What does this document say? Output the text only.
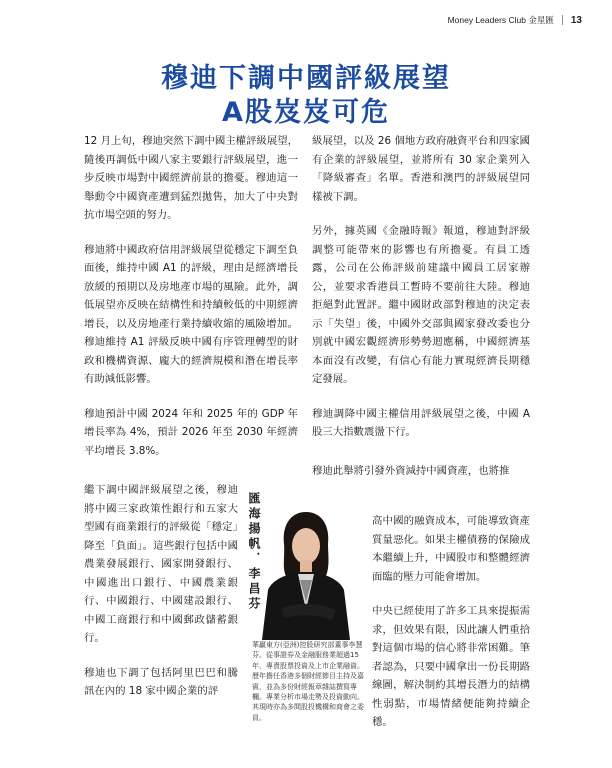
Money Leaders Club 金星匯 13
穆迪下調中國評級展望
A股岌岌可危

12 月上旬，穆迪突然下調中國主權評級展望，隨後再調低中國八家主要銀行評級展望，進一步反映市場對中國經濟前景的擔憂。穆迪這一舉動令中國資產遭到猛烈拋售，加大了中央對抗市場空頭的努力。

穆迪將中國政府信用評級展望從穩定下調至負面後，維持中國 A1 的評級，理由是經濟增長放緩的預期以及房地產市場的風險。此外，調低展望亦反映在結構性和持續較低的中期經濟增長，以及房地產行業持續收縮的風險增加。穆迪維持 A1 評級反映中國有序管理轉型的財政和機構資源、龐大的經濟規模和潛在增長率有助減低影響。

穆迪預計中國 2024 年和 2025 年的 GDP 年增長率為 4%，預計 2026 年至 2030 年經濟平均增長 3.8%。

繼下調中國評級展望之後，穆迪將中國三家政策性銀行和五家大型國有商業銀行的評級從「穩定」降至「負面」。這些銀行包括中國農業發展銀行、國家開發銀行、中國進出口銀行、中國農業銀行、中國銀行、中國建設銀行、中國工商銀行和中國郵政儲蓄銀行。

穆迪也下調了包括阿里巴巴和騰訊在內的 18 家中國企業的評

級展望，以及 26 個地方政府融資平台和四家國有企業的評級展望，並將所有 30 家企業列入「降級審查」名單。香港和澳門的評級展望同樣被下調。

另外，據英國《金融時報》報道，穆迪對評級調整可能帶來的影響也有所擔憂。有員工透露，公司在公佈評級前建議中國員工居家辦公，並要求香港員工暫時不要前往大陸。穆迪拒絕對此置評。繼中國財政部對穆迪的決定表示「失望」後，中國外交部與國家發改委也分別就中國宏觀經濟形勢勢迴應稱，中國經濟基本面沒有改變，有信心有能力實現經濟長期穩定發展。

穆迪調降中國主權信用評級展望之後，中國 A 股三大指數震盪下行。

穆迪此舉將引發外資減持中國資產，也將推

高中國的融資成本，可能導致資產質量惡化。如果主權債務的保險成本繼續上升，中國股市和整體經濟面臨的壓力可能會增加。

中央已經使用了許多工具來提振需求，但效果有限，因此讓人們重拾對這個市場的信心將非常困難。筆者認為，只要中國拿出一份長期路線圖，解決制約其增長潛力的結構性弱點，市場情緒便能夠持續企穩。

匯海揚帆．李昌芬
華贏東方(亞洲)控股研究部董事李慧芬。從事證券及金融服務業超過15年，專責股票投資及上市企業融資。歷年擔任香港多個財經節目主持及嘉賓，並為多份財經報章雜誌撰寫專欄。專業分析市場走勢及投資動向。其現時亦為多間股投機構和商會之委員。
